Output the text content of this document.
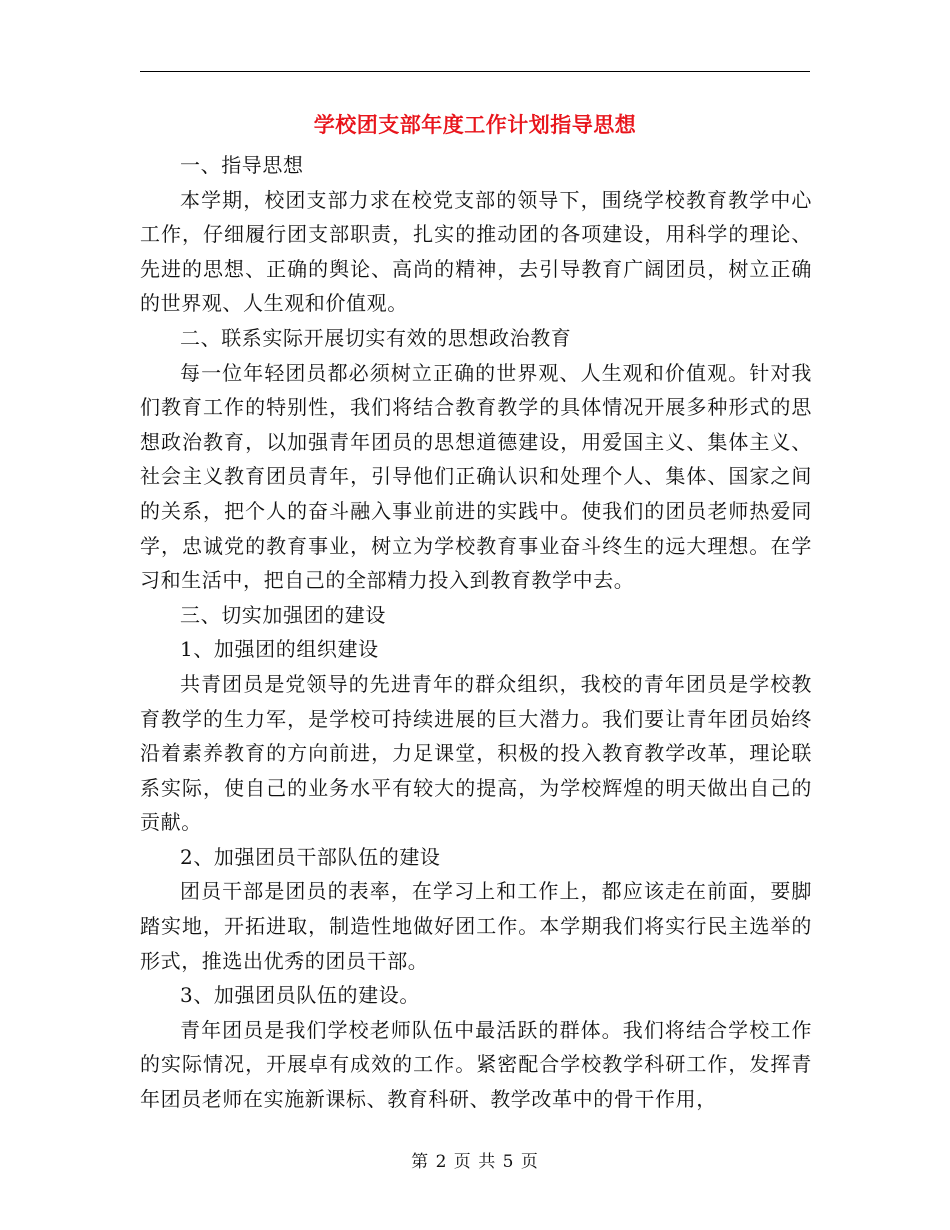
学校团支部年度工作计划指导思想

一、指导思想

本学期，校团支部力求在校党支部的领导下，围绕学校教育教学中心工作，仔细履行团支部职责，扎实的推动团的各项建设，用科学的理论、先进的思想、正确的舆论、高尚的精神，去引导教育广阔团员，树立正确的世界观、人生观和价值观。

二、联系实际开展切实有效的思想政治教育

每一位年轻团员都必须树立正确的世界观、人生观和价值观。针对我们教育工作的特别性，我们将结合教育教学的具体情况开展多种形式的思想政治教育，以加强青年团员的思想道德建设，用爱国主义、集体主义、社会主义教育团员青年，引导他们正确认识和处理个人、集体、国家之间的关系，把个人的奋斗融入事业前进的实践中。使我们的团员老师热爱同学，忠诚党的教育事业，树立为学校教育事业奋斗终生的远大理想。在学习和生活中，把自己的全部精力投入到教育教学中去。

三、切实加强团的建设

1、加强团的组织建设

共青团员是党领导的先进青年的群众组织，我校的青年团员是学校教育教学的生力军，是学校可持续进展的巨大潜力。我们要让青年团员始终沿着素养教育的方向前进，力足课堂，积极的投入教育教学改革，理论联系实际，使自己的业务水平有较大的提高，为学校辉煌的明天做出自己的贡献。

2、加强团员干部队伍的建设

团员干部是团员的表率，在学习上和工作上，都应该走在前面，要脚踏实地，开拓进取，制造性地做好团工作。本学期我们将实行民主选举的形式，推选出优秀的团员干部。

3、加强团员队伍的建设。

青年团员是我们学校老师队伍中最活跃的群体。我们将结合学校工作的实际情况，开展卓有成效的工作。紧密配合学校教学科研工作，发挥青年团员老师在实施新课标、教育科研、教学改革中的骨干作用，

第 2 页 共 5 页
